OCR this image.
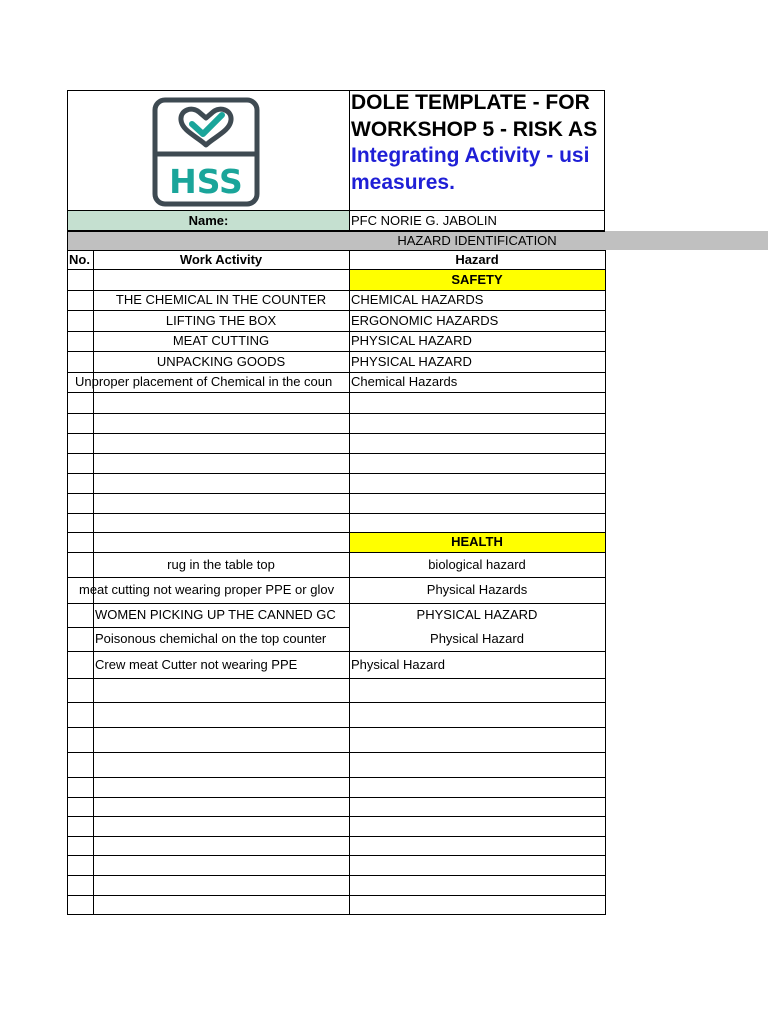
HSS
DOLE TEMPLATE - FOR
WORKSHOP 5 - RISK AS
Integrating Activity - usi
measures.
Name:	PFC NORIE G. JABOLIN
HAZARD IDENTIFICATION
No.	Work Activity	Hazard
SAFETY
THE CHEMICAL IN THE COUNTER	CHEMICAL HAZARDS
LIFTING THE BOX	ERGONOMIC HAZARDS
MEAT CUTTING	PHYSICAL HAZARD
UNPACKING GOODS	PHYSICAL HAZARD
Unproper placement of Chemical in the coun	Chemical Hazards
HEALTH
rug in the table top	biological hazard
meat cutting not wearing proper PPE or glov	Physical Hazards
WOMEN PICKING UP THE CANNED GC	PHYSICAL HAZARD
Poisonous chemichal on the top counter	Physical Hazard
Crew meat Cutter not wearing PPE	Physical Hazard
